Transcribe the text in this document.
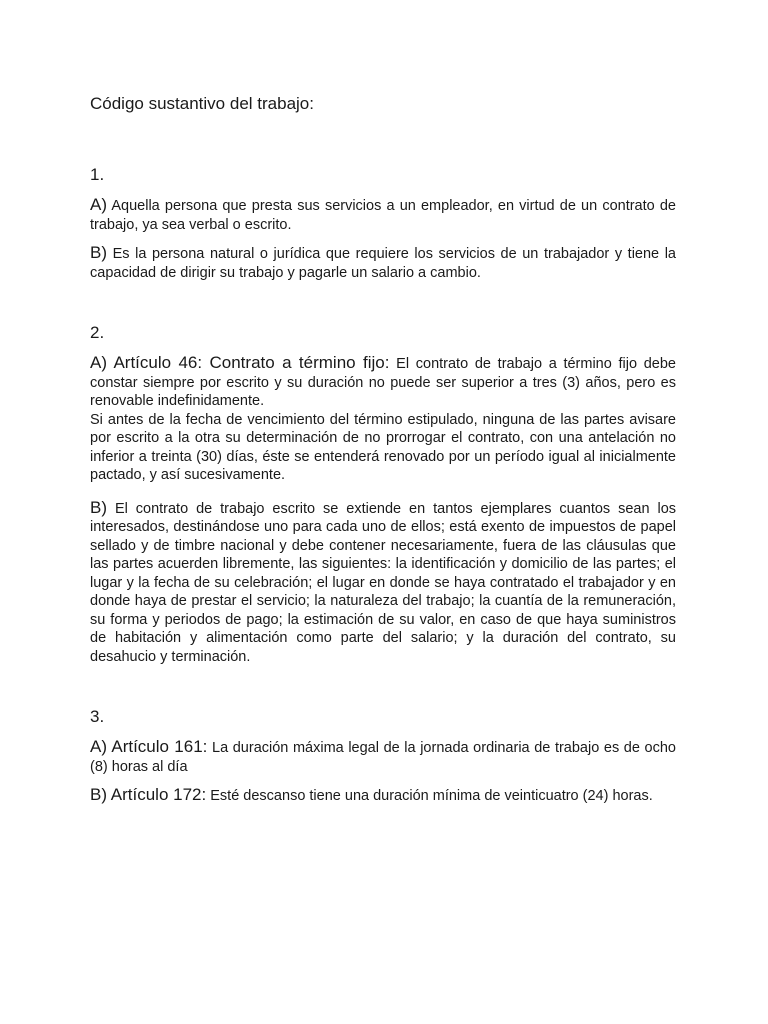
Código sustantivo del trabajo:
1.

A) Aquella persona que presta sus servicios a un empleador, en virtud de un contrato de trabajo, ya sea verbal o escrito.

B) Es la persona natural o jurídica que requiere los servicios de un trabajador y tiene la capacidad de dirigir su trabajo y pagarle un salario a cambio.

2.

A) Artículo 46: Contrato a término fijo: El contrato de trabajo a término fijo debe constar siempre por escrito y su duración no puede ser superior a tres (3) años, pero es renovable indefinidamente.
Si antes de la fecha de vencimiento del término estipulado, ninguna de las partes avisare por escrito a la otra su determinación de no prorrogar el contrato, con una antelación no inferior a treinta (30) días, éste se entenderá renovado por un período igual al inicialmente pactado, y así sucesivamente.

B) El contrato de trabajo escrito se extiende en tantos ejemplares cuantos sean los interesados, destinándose uno para cada uno de ellos; está exento de impuestos de papel sellado y de timbre nacional y debe contener necesariamente, fuera de las cláusulas que las partes acuerden libremente, las siguientes: la identificación y domicilio de las partes; el lugar y la fecha de su celebración; el lugar en donde se haya contratado el trabajador y en donde haya de prestar el servicio; la naturaleza del trabajo; la cuantía de la remuneración, su forma y periodos de pago; la estimación de su valor, en caso de que haya suministros de habitación y alimentación como parte del salario; y la duración del contrato, su desahucio y terminación.

3.

A) Artículo 161: La duración máxima legal de la jornada ordinaria de trabajo es de ocho (8) horas al día

B) Artículo 172: Esté descanso tiene una duración mínima de veinticuatro (24) horas.
